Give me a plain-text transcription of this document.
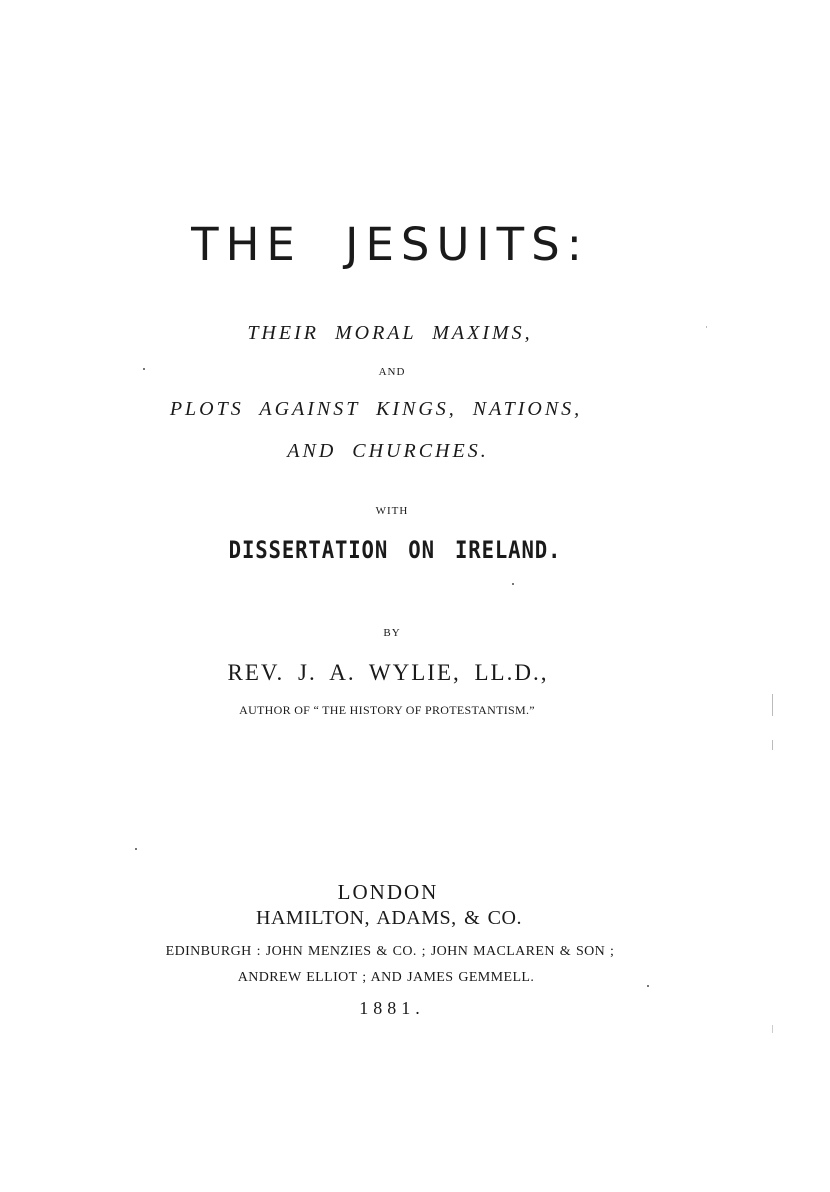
THE JESUITS:
THEIR MORAL MAXIMS,
AND
PLOTS AGAINST KINGS, NATIONS,
AND CHURCHES.
WITH
DISSERTATION ON IRELAND.
BY
REV. J. A. WYLIE, LL.D.,
AUTHOR OF “ THE HISTORY OF PROTESTANTISM.”
LONDON
HAMILTON, ADAMS, & CO.
EDINBURGH : JOHN MENZIES & CO. ; JOHN MACLAREN & SON ;
ANDREW ELLIOT ; AND JAMES GEMMELL.
1881.
